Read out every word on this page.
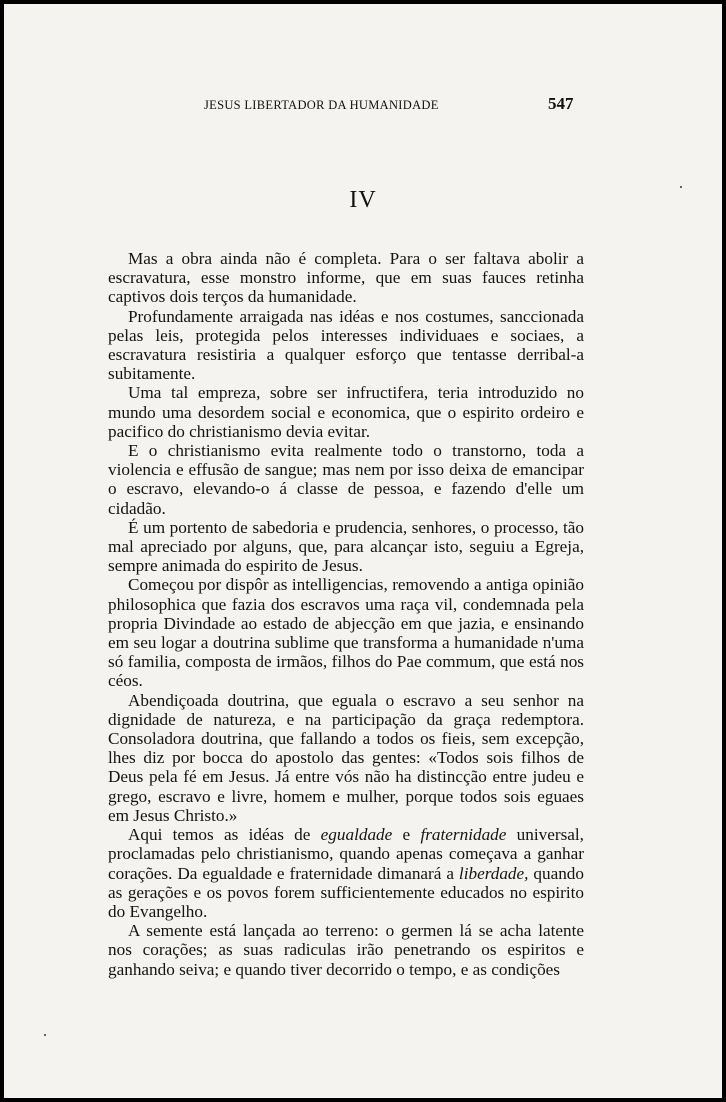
JESUS LIBERTADOR DA HUMANIDADE	547
IV

Mas a obra ainda não é completa. Para o ser faltava abolir a escravatura, esse monstro informe, que em suas fauces retinha captivos dois terços da humanidade.

Profundamente arraigada nas idéas e nos costumes, sanccionada pelas leis, protegida pelos interesses individuaes e sociaes, a escravatura resistiria a qualquer esforço que tentasse derribal-a subitamente.

Uma tal empreza, sobre ser infructifera, teria introduzido no mundo uma desordem social e economica, que o espirito ordeiro e pacifico do christianismo devia evitar.

E o christianismo evita realmente todo o transtorno, toda a violencia e effusão de sangue; mas nem por isso deixa de emancipar o escravo, elevando-o á classe de pessoa, e fazendo d'elle um cidadão.

É um portento de sabedoria e prudencia, senhores, o processo, tão mal apreciado por alguns, que, para alcançar isto, seguiu a Egreja, sempre animada do espirito de Jesus.

Começou por dispôr as intelligencias, removendo a antiga opinião philosophica que fazia dos escravos uma raça vil, condemnada pela propria Divindade ao estado de abjecção em que jazia, e ensinando em seu logar a doutrina sublime que transforma a humanidade n'uma só familia, composta de irmãos, filhos do Pae commum, que está nos céos.

Abendiçoada doutrina, que eguala o escravo a seu senhor na dignidade de natureza, e na participação da graça redemptora. Consoladora doutrina, que fallando a todos os fieis, sem excepção, lhes diz por bocca do apostolo das gentes: «Todos sois filhos de Deus pela fé em Jesus. Já entre vós não ha distincção entre judeu e grego, escravo e livre, homem e mulher, porque todos sois eguaes em Jesus Christo.»

Aqui temos as idéas de egualdade e fraternidade universal, proclamadas pelo christianismo, quando apenas começava a ganhar corações. Da egualdade e fraternidade dimanará a liberdade, quando as gerações e os povos forem sufficientemente educados no espirito do Evangelho.

A semente está lançada ao terreno: o germen lá se acha latente nos corações; as suas radiculas irão penetrando os espiritos e ganhando seiva; e quando tiver decorrido o tempo, e as condições
